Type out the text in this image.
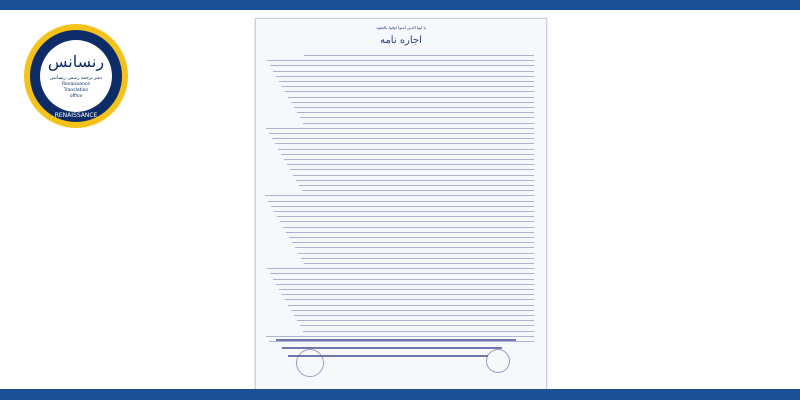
رنسانس
دفتر ترجمه رسمی رنسانس
Renaissance
Translation
office
RENAISSANCE
يا ايها الذين آمنوا اوفوا بالعقود
اجاره نامه
